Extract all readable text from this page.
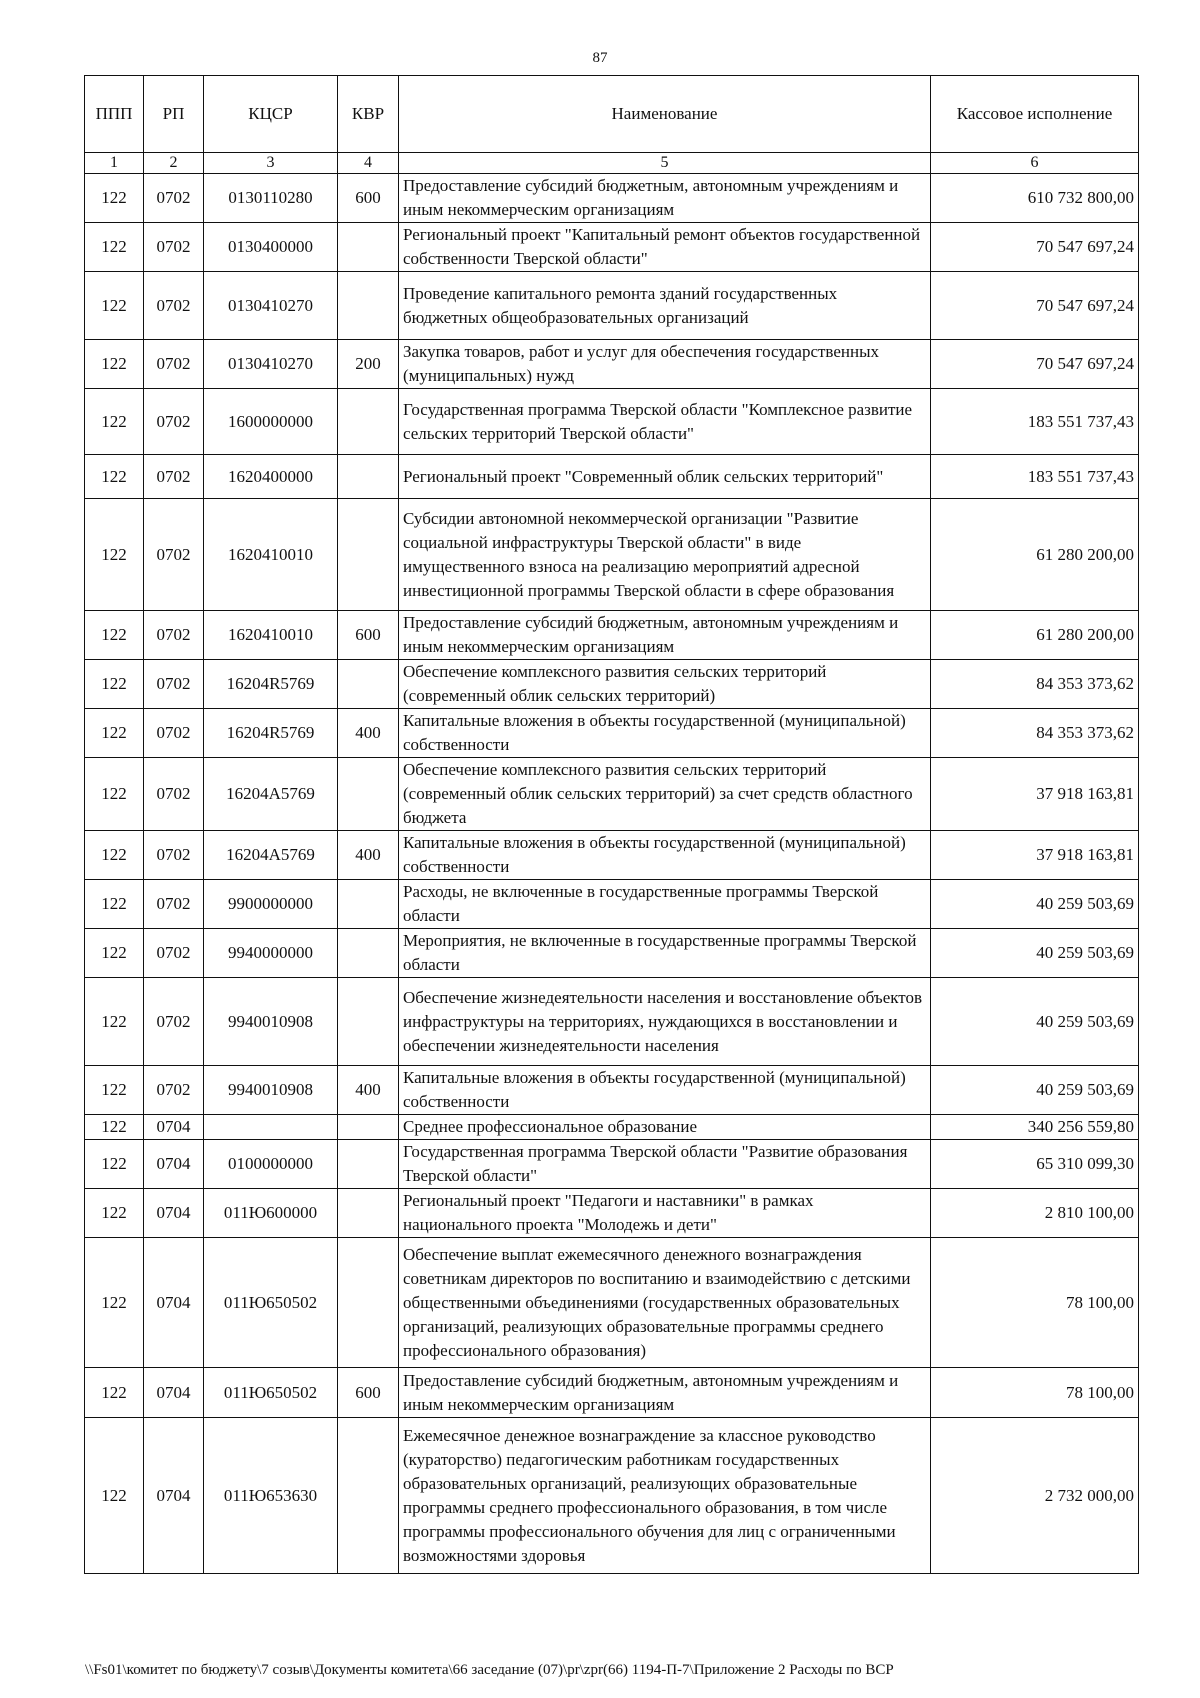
87
ППП	РП	КЦСР	КВР	Наименование	Кассовое исполнение
1	2	3	4	5	6
122	0702	0130110280	600	Предоставление субсидий бюджетным, автономным учреждениям и иным некоммерческим организациям	610 732 800,00
122	0702	0130400000		Региональный проект "Капитальный ремонт объектов государственной собственности Тверской области"	70 547 697,24
122	0702	0130410270		Проведение капитального ремонта зданий государственных бюджетных общеобразовательных организаций	70 547 697,24
122	0702	0130410270	200	Закупка товаров, работ и услуг для обеспечения государственных (муниципальных) нужд	70 547 697,24
122	0702	1600000000		Государственная программа Тверской области "Комплексное развитие сельских территорий Тверской области"	183 551 737,43
122	0702	1620400000		Региональный проект "Современный облик сельских территорий"	183 551 737,43
122	0702	1620410010		Субсидии автономной некоммерческой организации "Развитие социальной инфраструктуры Тверской области" в виде имущественного взноса на реализацию мероприятий адресной инвестиционной программы Тверской области в сфере образования	61 280 200,00
122	0702	1620410010	600	Предоставление субсидий бюджетным, автономным учреждениям и иным некоммерческим организациям	61 280 200,00
122	0702	16204R5769		Обеспечение комплексного развития сельских территорий (современный облик сельских территорий)	84 353 373,62
122	0702	16204R5769	400	Капитальные вложения в объекты государственной (муниципальной) собственности	84 353 373,62
122	0702	16204A5769		Обеспечение комплексного развития сельских территорий (современный облик сельских территорий) за счет средств областного бюджета	37 918 163,81
122	0702	16204A5769	400	Капитальные вложения в объекты государственной (муниципальной) собственности	37 918 163,81
122	0702	9900000000		Расходы, не включенные в государственные программы Тверской области	40 259 503,69
122	0702	9940000000		Мероприятия, не включенные в государственные программы Тверской области	40 259 503,69
122	0702	9940010908		Обеспечение жизнедеятельности населения и восстановление объектов инфраструктуры на территориях, нуждающихся в восстановлении и обеспечении жизнедеятельности населения	40 259 503,69
122	0702	9940010908	400	Капитальные вложения в объекты государственной (муниципальной) собственности	40 259 503,69
122	0704			Среднее профессиональное образование	340 256 559,80
122	0704	0100000000		Государственная программа Тверской области "Развитие образования Тверской области"	65 310 099,30
122	0704	011Ю600000		Региональный проект "Педагоги и наставники" в рамках национального проекта "Молодежь и дети"	2 810 100,00
122	0704	011Ю650502		Обеспечение выплат ежемесячного денежного вознаграждения советникам директоров по воспитанию и взаимодействию с детскими общественными объединениями (государственных образовательных организаций, реализующих образовательные программы среднего профессионального образования)	78 100,00
122	0704	011Ю650502	600	Предоставление субсидий бюджетным, автономным учреждениям и иным некоммерческим организациям	78 100,00
122	0704	011Ю653630		Ежемесячное денежное вознаграждение за классное руководство (кураторство) педагогическим работникам государственных образовательных организаций, реализующих образовательные программы среднего профессионального образования, в том числе программы профессионального обучения для лиц с ограниченными возможностями здоровья	2 732 000,00
\\Fs01\комитет по бюджету\7 созыв\Документы комитета\66 заседание (07)\pr\zpr(66) 1194-П-7\Приложение 2 Расходы по ВСР
